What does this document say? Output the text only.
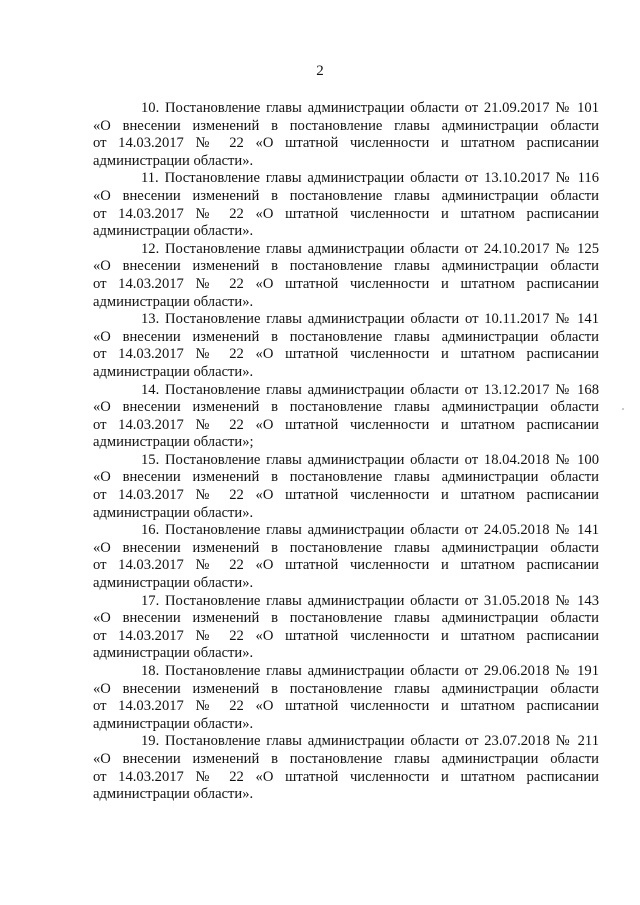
2
10. Постановление главы администрации области от 21.09.2017 № 101
«О внесении изменений в постановление главы администрации области
от 14.03.2017 № 22 «О штатной численности и штатном расписании
администрации области».
11. Постановление главы администрации области от 13.10.2017 № 116
«О внесении изменений в постановление главы администрации области
от 14.03.2017 № 22 «О штатной численности и штатном расписании
администрации области».
12. Постановление главы администрации области от 24.10.2017 № 125
«О внесении изменений в постановление главы администрации области
от 14.03.2017 № 22 «О штатной численности и штатном расписании
администрации области».
13. Постановление главы администрации области от 10.11.2017 № 141
«О внесении изменений в постановление главы администрации области
от 14.03.2017 № 22 «О штатной численности и штатном расписании
администрации области».
14. Постановление главы администрации области от 13.12.2017 № 168
«О внесении изменений в постановление главы администрации области
от 14.03.2017 № 22 «О штатной численности и штатном расписании
администрации области»;
15. Постановление главы администрации области от 18.04.2018 № 100
«О внесении изменений в постановление главы администрации области
от 14.03.2017 № 22 «О штатной численности и штатном расписании
администрации области».
16. Постановление главы администрации области от 24.05.2018 № 141
«О внесении изменений в постановление главы администрации области
от 14.03.2017 № 22 «О штатной численности и штатном расписании
администрации области».
17. Постановление главы администрации области от 31.05.2018 № 143
«О внесении изменений в постановление главы администрации области
от 14.03.2017 № 22 «О штатной численности и штатном расписании
администрации области».
18. Постановление главы администрации области от 29.06.2018 № 191
«О внесении изменений в постановление главы администрации области
от 14.03.2017 № 22 «О штатной численности и штатном расписании
администрации области».
19. Постановление главы администрации области от 23.07.2018 № 211
«О внесении изменений в постановление главы администрации области
от 14.03.2017 № 22 «О штатной численности и штатном расписании
администрации области».
